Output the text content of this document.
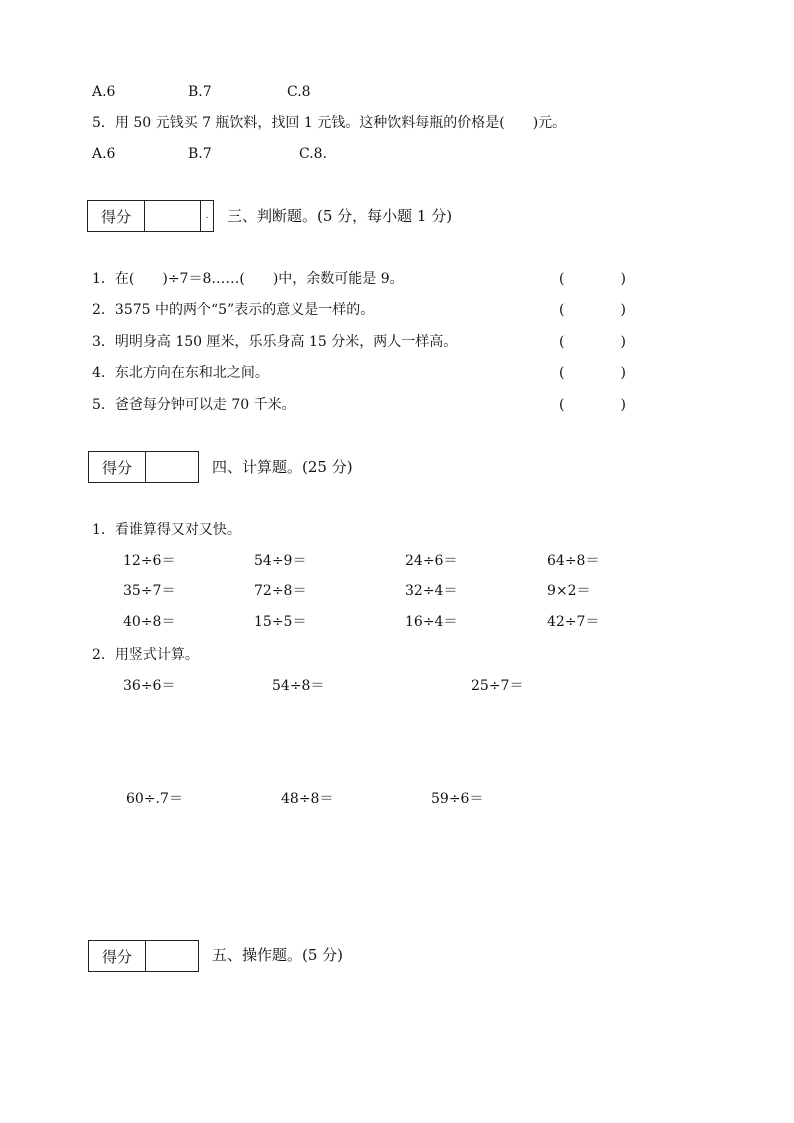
A.6	B.7	C.8
5．用 50 元钱买 7 瓶饮料，找回 1 元钱。这种饮料每瓶的价格是(　　)元。
A.6	B.7	C.8.
得分	.	三、判断题。(5 分，每小题 1 分)
1．在(　　)÷7＝8……(　　)中，余数可能是 9。	(　　　　)
2．3575 中的两个“5”表示的意义是一样的。	(　　　　)
3．明明身高 150 厘米，乐乐身高 15 分米，两人一样高。	(　　　　)
4．东北方向在东和北之间。	(　　　　)
5．爸爸每分钟可以走 70 千米。	(　　　　)
得分	四、计算题。(25 分)
1．看谁算得又对又快。
12÷6＝	54÷9＝	24÷6＝	64÷8＝
35÷7＝	72÷8＝	32÷4＝	9×2＝
40÷8＝	15÷5＝	16÷4＝	42÷7＝
2．用竖式计算。
36÷6＝	54÷8＝	25÷7＝
60÷.7＝	48÷8＝	59÷6＝
得分	五、操作题。(5 分)
